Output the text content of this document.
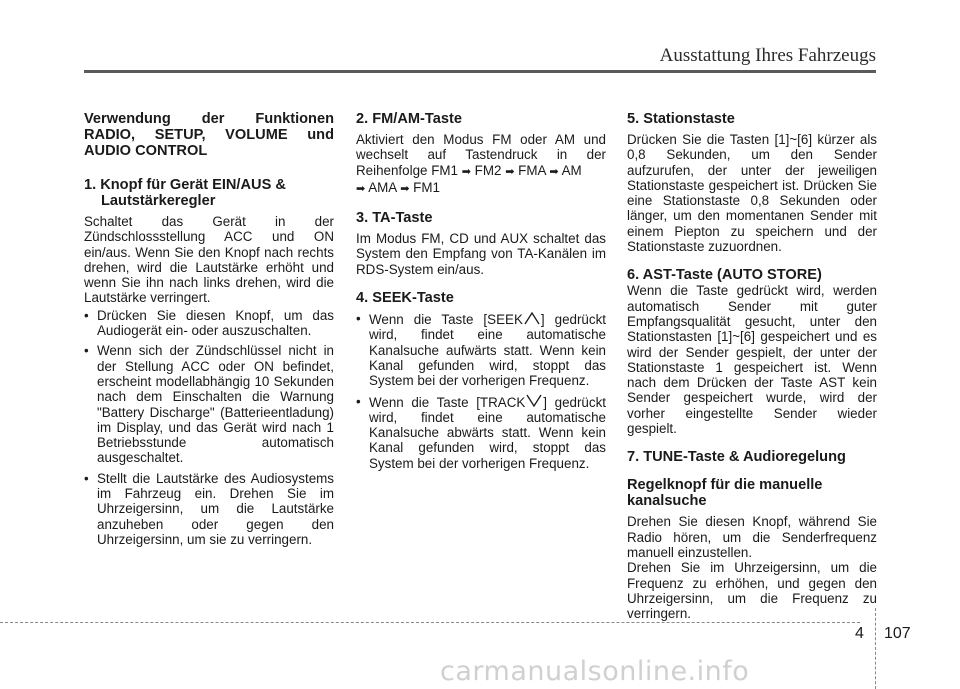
Ausstattung Ihres Fahrzeugs
Verwendung der Funktionen
RADIO, SETUP, VOLUME und
AUDIO CONTROL
1. Knopf für Gerät EIN/AUS & Lautstärkeregler

Schaltet das Gerät in der Zündschlossstellung ACC und ON ein/aus. Wenn Sie den Knopf nach rechts drehen, wird die Lautstärke erhöht und wenn Sie ihn nach links drehen, wird die Lautstärke verringert.

• Drücken Sie diesen Knopf, um das Audiogerät ein- oder auszuschalten.
• Wenn sich der Zündschlüssel nicht in der Stellung ACC oder ON befindet, erscheint modellabhängig 10 Sekunden nach dem Einschalten die Warnung "Battery Discharge" (Batterieentladung) im Display, und das Gerät wird nach 1 Betriebsstunde automatisch ausgeschaltet.
• Stellt die Lautstärke des Audiosystems im Fahrzeug ein. Drehen Sie im Uhrzeigersinn, um die Lautstärke anzuheben oder gegen den Uhrzeigersinn, um sie zu verringern.
2. FM/AM-Taste

Aktiviert den Modus FM oder AM und wechselt auf Tastendruck in der Reihenfolge FM1 ➡ FM2 ➡ FMA ➡ AM
➡ AMA ➡ FM1

3. TA-Taste

Im Modus FM, CD und AUX schaltet das System den Empfang von TA-Kanälen im RDS-System ein/aus.

4. SEEK-Taste
• Wenn die Taste [SEEK ] gedrückt wird, findet eine automatische Kanalsuche aufwärts statt. Wenn kein Kanal gefunden wird, stoppt das System bei der vorherigen Frequenz.
• Wenn die Taste [TRACK ] gedrückt wird, findet eine automatische Kanalsuche abwärts statt. Wenn kein Kanal gefunden wird, stoppt das System bei der vorherigen Frequenz.
5. Stationstaste

Drücken Sie die Tasten [1]~[6] kürzer als 0,8 Sekunden, um den Sender aufzurufen, der unter der jeweiligen Stationstaste gespeichert ist. Drücken Sie eine Stationstaste 0,8 Sekunden oder länger, um den momentanen Sender mit einem Piepton zu speichern und der Stationstaste zuzuordnen.

6. AST-Taste (AUTO STORE)

Wenn die Taste gedrückt wird, werden automatisch Sender mit guter Empfangsqualität gesucht, unter den Stationstasten [1]~[6] gespeichert und es wird der Sender gespielt, der unter der Stationstaste 1 gespeichert ist. Wenn nach dem Drücken der Taste AST kein Sender gespeichert wurde, wird der vorher eingestellte Sender wieder gespielt.

7. TUNE-Taste & Audioregelung
Regelknopf für die manuelle kanalsuche

Drehen Sie diesen Knopf, während Sie Radio hören, um die Senderfrequenz manuell einzustellen.

Drehen Sie im Uhrzeigersinn, um die Frequenz zu erhöhen, und gegen den Uhrzeigersinn, um die Frequenz zu verringern.

4 107
carmanualsonline.info
